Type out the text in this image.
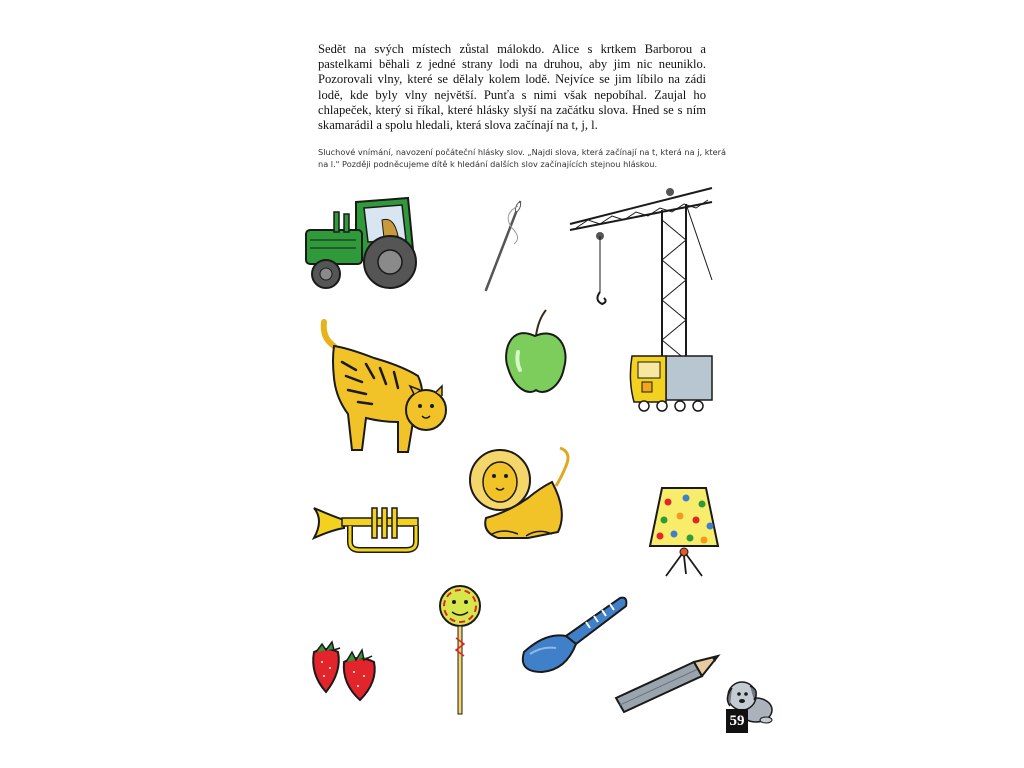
Sedět na svých místech zůstal málokdo. Alice s krtkem Barborou a pastelkami běhali z jedné strany lodi na druhou, aby jim nic neuniklo. Pozorovali vlny, které se dělaly kolem lodě. Nejvíce se jim líbilo na zádi lodě, kde byly vlny největší. Punťa s nimi však nepobíhal. Zaujal ho chlapeček, který si říkal, které hlásky slyší na začátku slova. Hned se s ním skamarádil a spolu hledali, která slova začínají na t, j, l.

Sluchové vnímání, navození počáteční hlásky slov. „Najdi slova, která začínají na t, která na j, která na l." Později podněcujeme dítě k hledání dalších slov začínajících stejnou hláskou.

59
